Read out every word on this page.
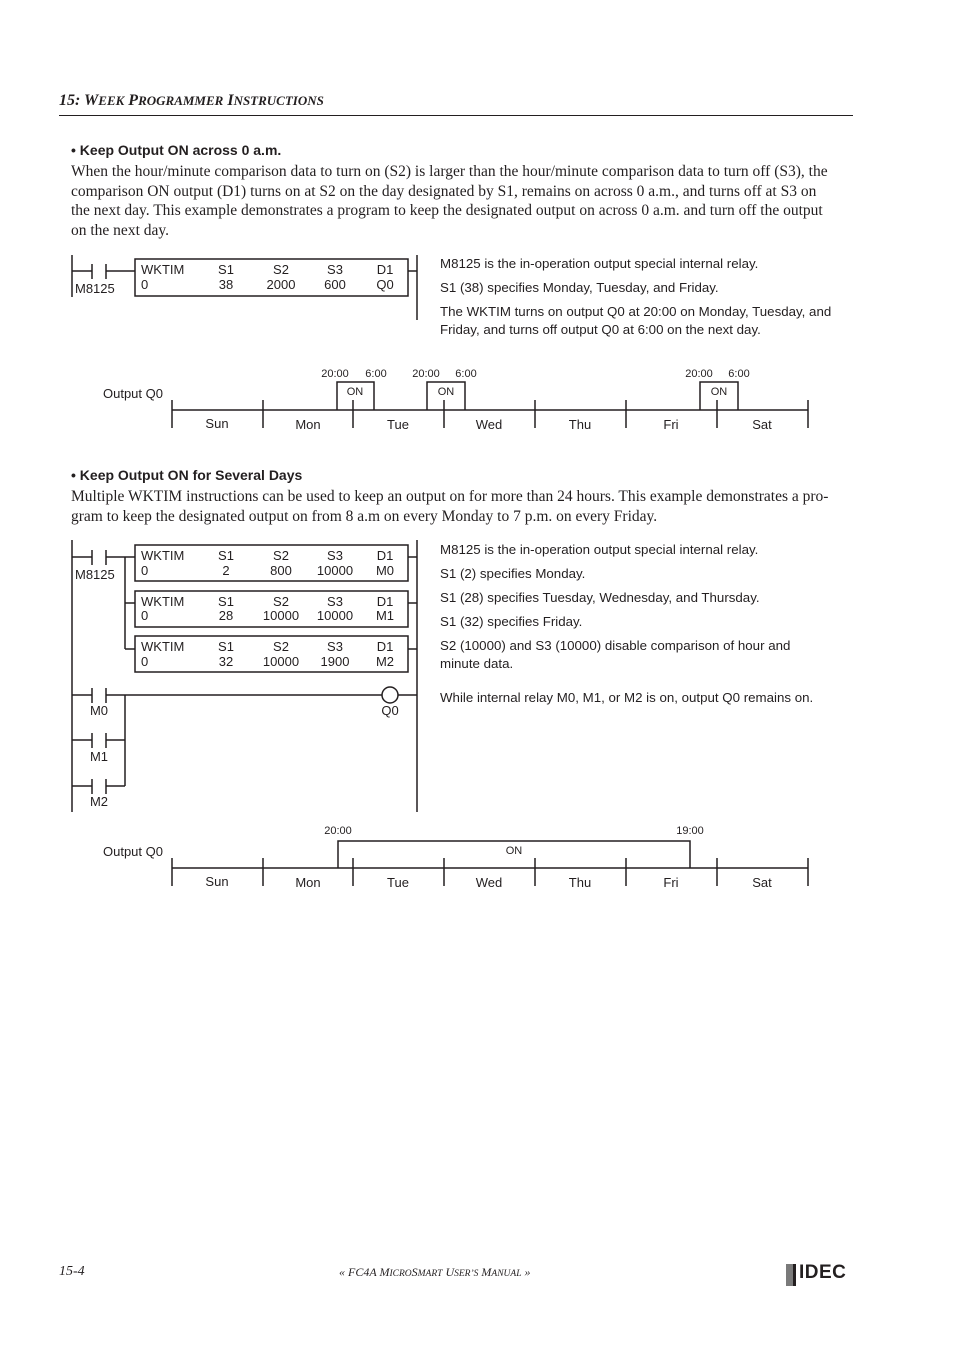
15: WEEK PROGRAMMER INSTRUCTIONS
• Keep Output ON across 0 a.m.
When the hour/minute comparison data to turn on (S2) is larger than the hour/minute comparison data to turn off (S3), the
comparison ON output (D1) turns on at S2 on the day designated by S1, remains on across 0 a.m., and turns off at S3 on
the next day. This example demonstrates a program to keep the designated output on across 0 a.m. and turn off the output
on the next day.
M8125
WKTIM
0
S1	S2	S3	D1
38	2000 600 Q0
Output Q0
Sun	Mon	Tue	Wed	Thu	Fri	Sat
20:00 6:00 20:00 6:00	20:00 6:00
ON	ON	ON
M8125
WKTIM
0
S1	S2	S3	D1
2	800 10000 M0
WKTIM
0
S1	S2	S3	D1
28 10000 10000 M1
WKTIM
0
S1	S2	S3	D1
32 10000 1900 M2
M0
M1
M2
Q0
Output Q0
Sun	Mon	Tue	Wed	Thu	Fri	Sat
20:00	19:00
ON
M8125 is the in-operation output special internal relay.
S1 (38) specifies Monday, Tuesday, and Friday.
The WKTIM turns on output Q0 at 20:00 on Monday, Tuesday, and
Friday, and turns off output Q0 at 6:00 on the next day.
• Keep Output ON for Several Days
Multiple WKTIM instructions can be used to keep an output on for more than 24 hours. This example demonstrates a pro-
gram to keep the designated output on from 8 a.m on every Monday to 7 p.m. on every Friday.
M8125 is the in-operation output special internal relay.
S1 (2) specifies Monday.
S1 (28) specifies Tuesday, Wednesday, and Thursday.
S1 (32) specifies Friday.
S2 (10000) and S3 (10000) disable comparison of hour and
minute data.
While internal relay M0, M1, or M2 is on, output Q0 remains on.
15-4	« FC4A MICROSMART USER’S MANUAL »	IDEC
